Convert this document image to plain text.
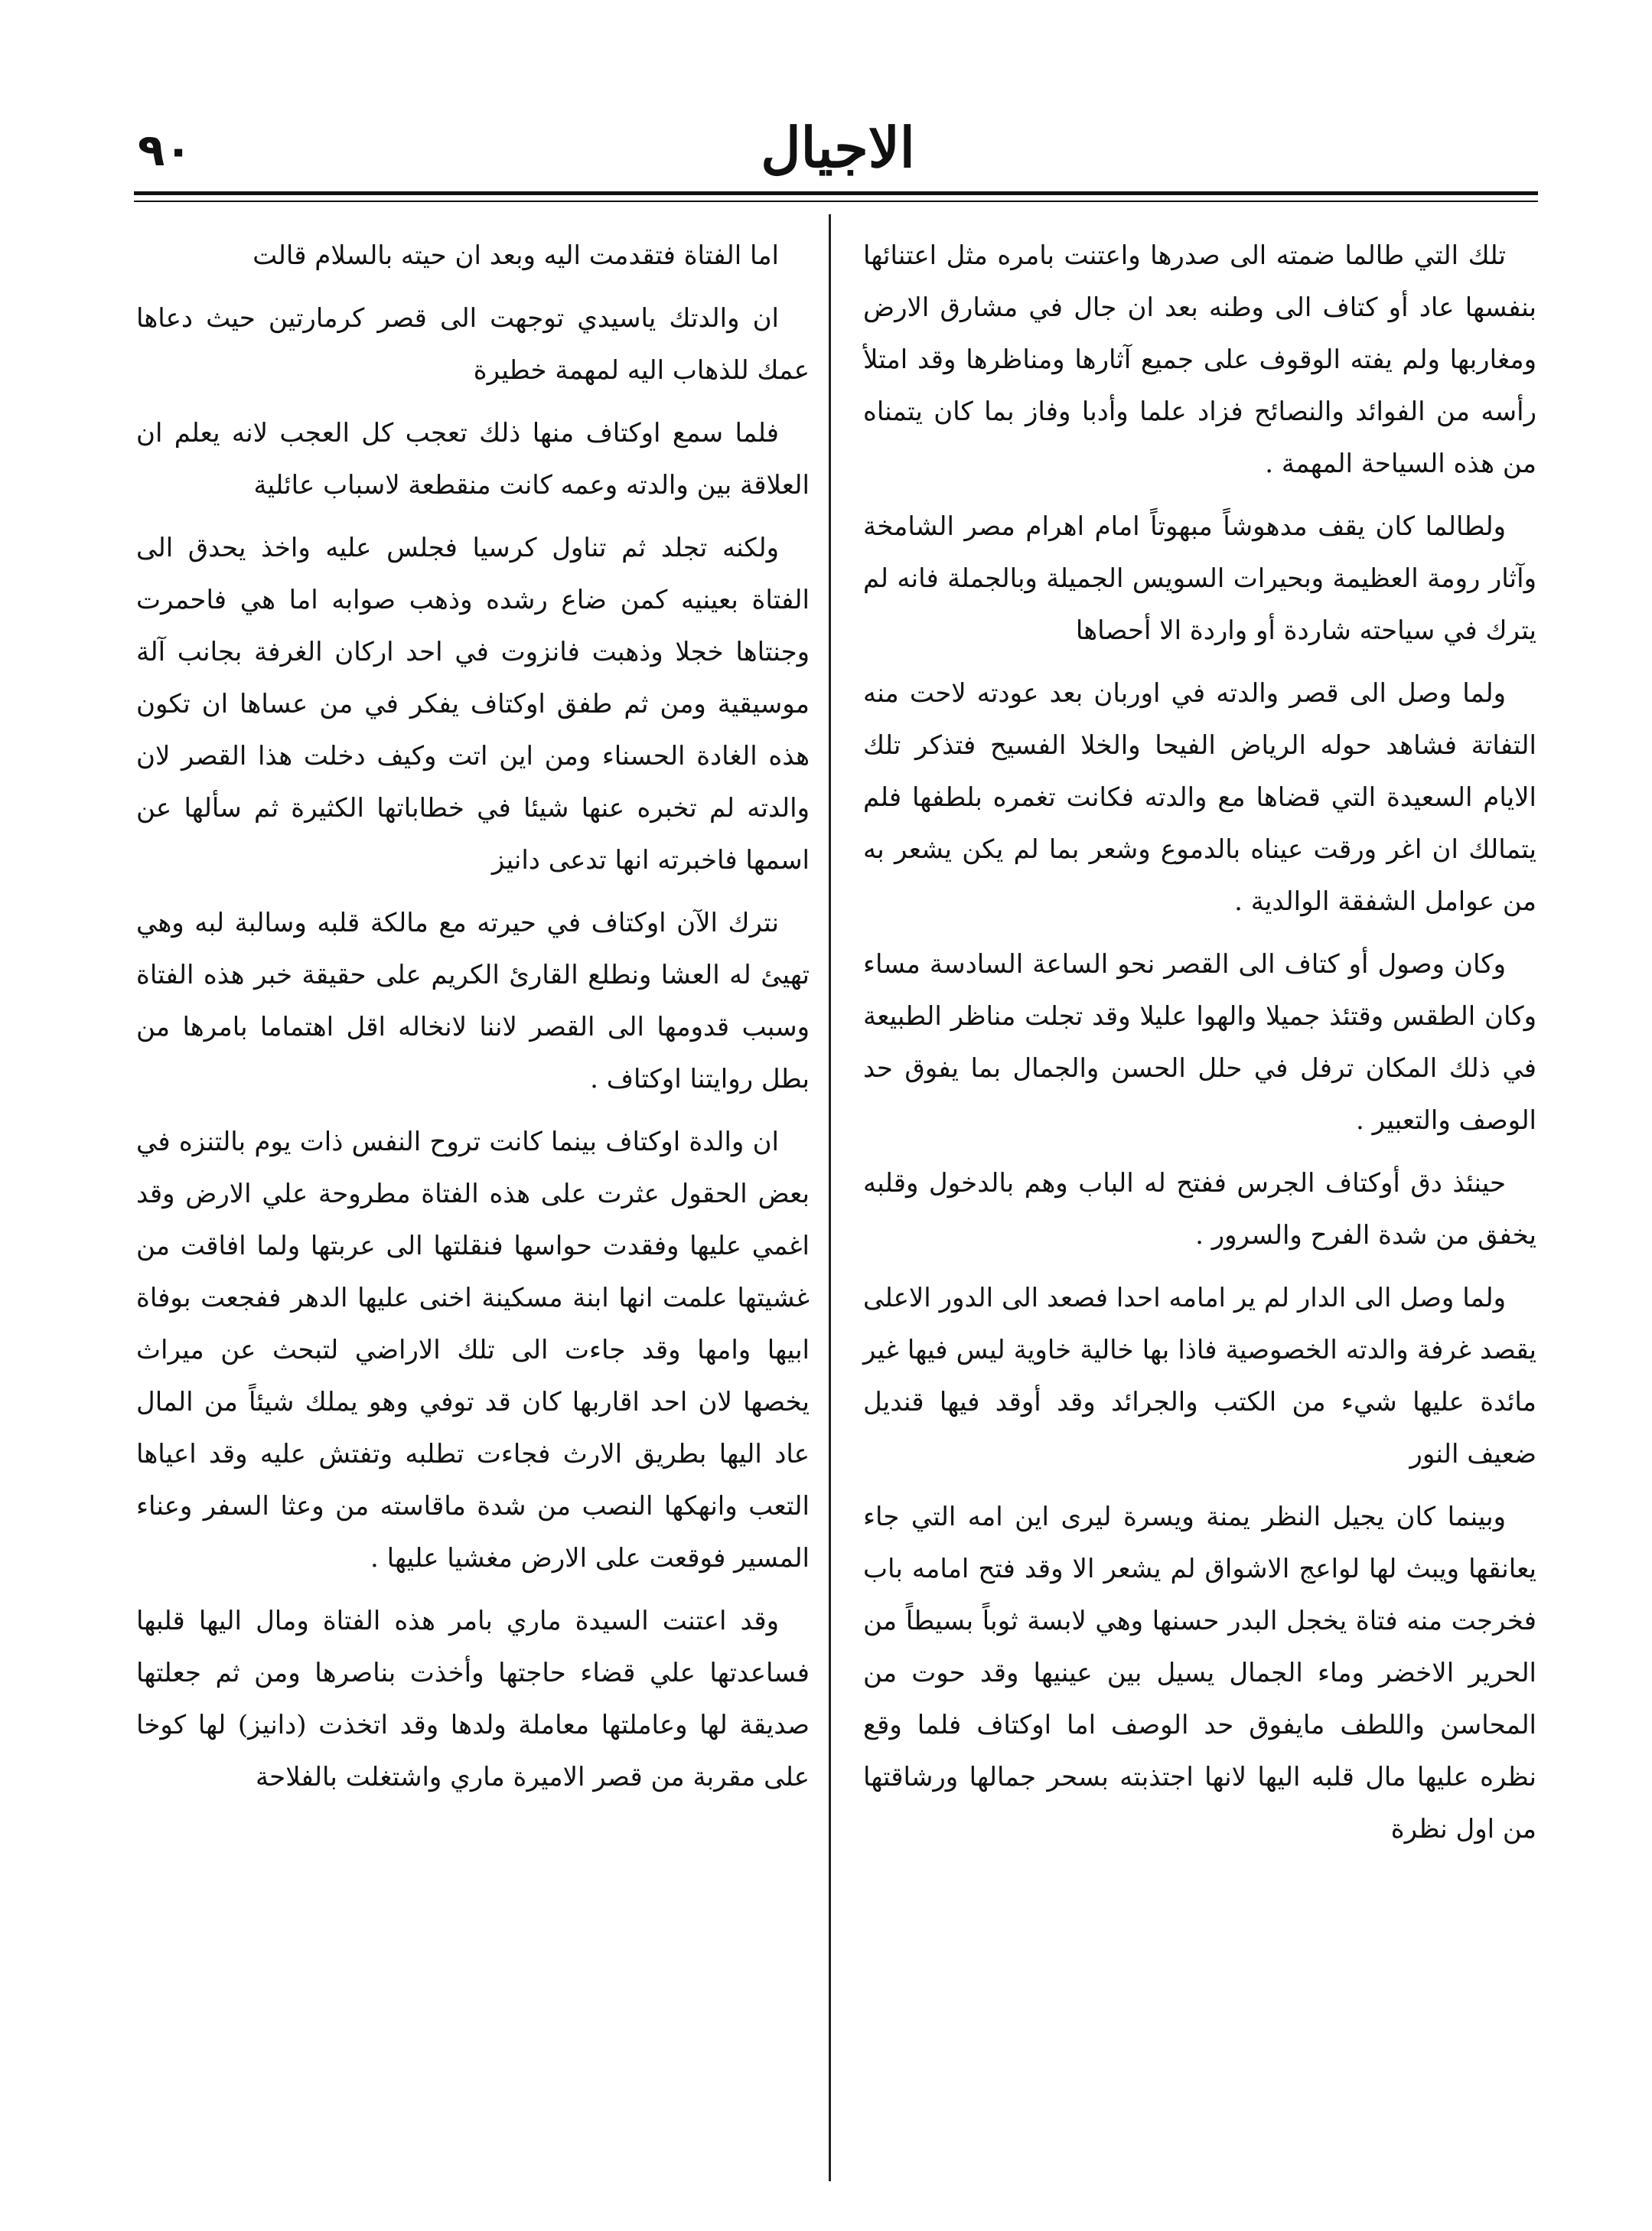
٩٠	الاجيال

تلك التي طالما ضمته الى صدرها واعتنت بامره مثل اعتنائها بنفسها عاد أو كتاف الى وطنه بعد ان جال في مشارق الارض ومغاربها ولم يفته الوقوف على جميع آثارها ومناظرها وقد امتلأ رأسه من الفوائد والنصائح فزاد علما وأدبا وفاز بما كان يتمناه من هذه السياحة المهمة .

ولطالما كان يقف مدهوشاً مبهوتاً امام اهرام مصر الشامخة وآثار رومة العظيمة وبحيرات السويس الجميلة وبالجملة فانه لم يترك في سياحته شاردة أو واردة الا أحصاها

ولما وصل الى قصر والدته في اوربان بعد عودته لاحت منه التفاتة فشاهد حوله الرياض الفيحا والخلا الفسيح فتذكر تلك الايام السعيدة التي قضاها مع والدته فكانت تغمره بلطفها فلم يتمالك ان اغر ورقت عيناه بالدموع وشعر بما لم يكن يشعر به من عوامل الشفقة الوالدية .

وكان وصول أو كتاف الى القصر نحو الساعة السادسة مساء وكان الطقس وقتئذ جميلا والهوا عليلا وقد تجلت مناظر الطبيعة في ذلك المكان ترفل في حلل الحسن والجمال بما يفوق حد الوصف والتعبير .

حينئذ دق أوكتاف الجرس ففتح له الباب وهم بالدخول وقلبه يخفق من شدة الفرح والسرور .

ولما وصل الى الدار لم ير امامه احدا فصعد الى الدور الاعلى يقصد غرفة والدته الخصوصية فاذا بها خالية خاوية ليس فيها غير مائدة عليها شيء من الكتب والجرائد وقد أوقد فيها قنديل ضعيف النور

وبينما كان يجيل النظر يمنة ويسرة ليرى اين امه التي جاء يعانقها ويبث لها لواعج الاشواق لم يشعر الا وقد فتح امامه باب فخرجت منه فتاة يخجل البدر حسنها وهي لابسة ثوباً بسيطاً من الحرير الاخضر وماء الجمال يسيل بين عينيها وقد حوت من المحاسن واللطف مايفوق حد الوصف اما اوكتاف فلما وقع نظره عليها مال قلبه اليها لانها اجتذبته بسحر جمالها ورشاقتها من اول نظرة

اما الفتاة فتقدمت اليه وبعد ان حيته بالسلام قالت

ان والدتك ياسيدي توجهت الى قصر كرمارتين حيث دعاها عمك للذهاب اليه لمهمة خطيرة

فلما سمع اوكتاف منها ذلك تعجب كل العجب لانه يعلم ان العلاقة بين والدته وعمه كانت منقطعة لاسباب عائلية

ولكنه تجلد ثم تناول كرسيا فجلس عليه واخذ يحدق الى الفتاة بعينيه كمن ضاع رشده وذهب صوابه اما هي فاحمرت وجنتاها خجلا وذهبت فانزوت في احد اركان الغرفة بجانب آلة موسيقية ومن ثم طفق اوكتاف يفكر في من عساها ان تكون هذه الغادة الحسناء ومن اين اتت وكيف دخلت هذا القصر لان والدته لم تخبره عنها شيئا في خطاباتها الكثيرة ثم سألها عن اسمها فاخبرته انها تدعى دانيز

نترك الآن اوكتاف في حيرته مع مالكة قلبه وسالبة لبه وهي تهيئ له العشا ونطلع القارئ الكريم على حقيقة خبر هذه الفتاة وسبب قدومها الى القصر لاننا لانخاله اقل اهتماما بامرها من بطل روايتنا اوكتاف .

ان والدة اوكتاف بينما كانت تروح النفس ذات يوم بالتنزه في بعض الحقول عثرت على هذه الفتاة مطروحة علي الارض وقد اغمي عليها وفقدت حواسها فنقلتها الى عربتها ولما افاقت من غشيتها علمت انها ابنة مسكينة اخنى عليها الدهر ففجعت بوفاة ابيها وامها وقد جاءت الى تلك الاراضي لتبحث عن ميراث يخصها لان احد اقاربها كان قد توفي وهو يملك شيئاً من المال عاد اليها بطريق الارث فجاءت تطلبه وتفتش عليه وقد اعياها التعب وانهكها النصب من شدة ماقاسته من وعثا السفر وعناء المسير فوقعت على الارض مغشيا عليها .

وقد اعتنت السيدة ماري بامر هذه الفتاة ومال اليها قلبها فساعدتها علي قضاء حاجتها وأخذت بناصرها ومن ثم جعلتها صديقة لها وعاملتها معاملة ولدها وقد اتخذت (دانيز) لها كوخا على مقربة من قصر الاميرة ماري واشتغلت بالفلاحة
